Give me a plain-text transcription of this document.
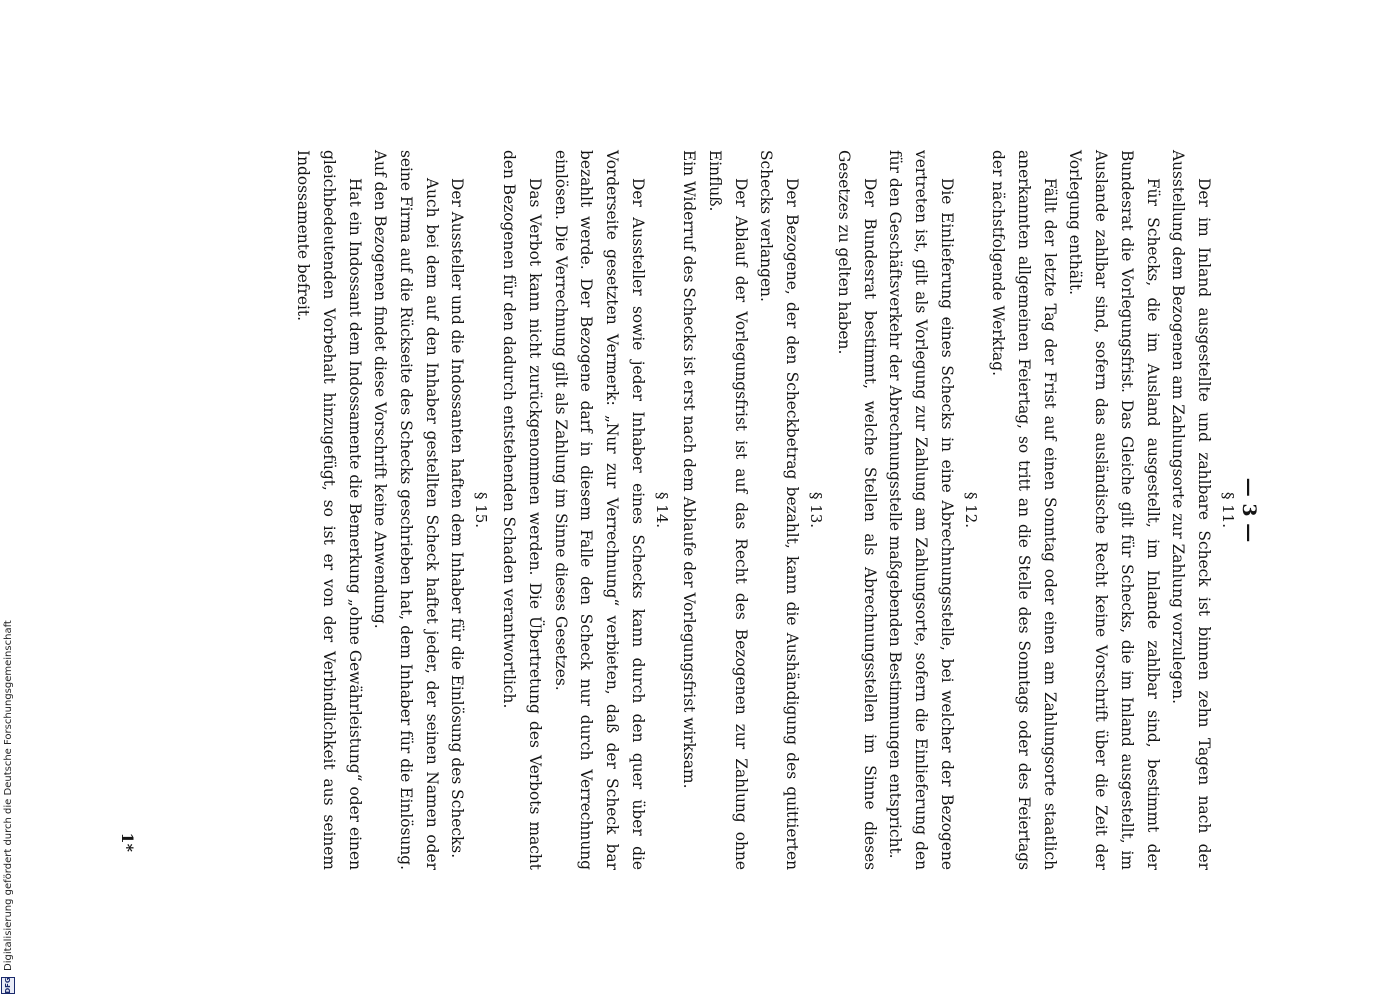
— 3 —
§ 11.

Der im Inland ausgestellte und zahlbare Scheck ist binnen zehn Tagen nach der Ausstellung dem Bezogenen am Zahlungsorte zur Zahlung vorzulegen.

Für Schecks, die im Ausland ausgestellt, im Inlande zahlbar sind, bestimmt der Bundesrat die Vorlegungsfrist. Das Gleiche gilt für Schecks, die im Inland ausgestellt, im Auslande zahlbar sind, sofern das ausländische Recht keine Vorschrift über die Zeit der Vorlegung enthält.

Fällt der letzte Tag der Frist auf einen Sonntag oder einen am Zahlungsorte staatlich anerkannten allgemeinen Feiertag, so tritt an die Stelle des Sonntags oder des Feiertags der nächstfolgende Werktag.

§ 12.

Die Einlieferung eines Schecks in eine Abrechnungsstelle, bei welcher der Bezogene vertreten ist, gilt als Vorlegung zur Zahlung am Zahlungsorte, sofern die Einlieferung den für den Geschäftsverkehr der Abrechnungsstelle maßgebenden Bestimmungen entspricht.

Der Bundesrat bestimmt, welche Stellen als Abrechnungsstellen im Sinne dieses Gesetzes zu gelten haben.

§ 13.

Der Bezogene, der den Scheckbetrag bezahlt, kann die Aushändigung des quittierten Schecks verlangen.

Der Ablauf der Vorlegungsfrist ist auf das Recht des Bezogenen zur Zahlung ohne Einfluß.

Ein Widerruf des Schecks ist erst nach dem Ablaufe der Vorlegungsfrist wirksam.

§ 14.

Der Aussteller sowie jeder Inhaber eines Schecks kann durch den quer über die Vorderseite gesetzten Vermerk: „Nur zur Verrechnung“ verbieten, daß der Scheck bar bezahlt werde. Der Bezogene darf in diesem Falle den Scheck nur durch Verrechnung einlösen. Die Verrechnung gilt als Zahlung im Sinne dieses Gesetzes.

Das Verbot kann nicht zurückgenommen werden. Die Übertretung des Verbots macht den Bezogenen für den dadurch entstehenden Schaden verantwortlich.

§ 15.

Der Aussteller und die Indossanten haften dem Inhaber für die Einlösung des Schecks.

Auch bei dem auf den Inhaber gestellten Scheck haftet jeder, der seinen Namen oder seine Firma auf die Rückseite des Schecks geschrieben hat, dem Inhaber für die Einlösung. Auf den Bezogenen findet diese Vorschrift keine Anwendung.

Hat ein Indossant dem Indossamente die Bemerkung „ohne Gewährleistung“ oder einen gleichbedeutenden Vorbehalt hinzugefügt, so ist er von der Verbindlichkeit aus seinem Indossamente befreit.

1*
DFG
Digitalisierung gefördert durch die Deutsche Forschungsgemeinschaft
